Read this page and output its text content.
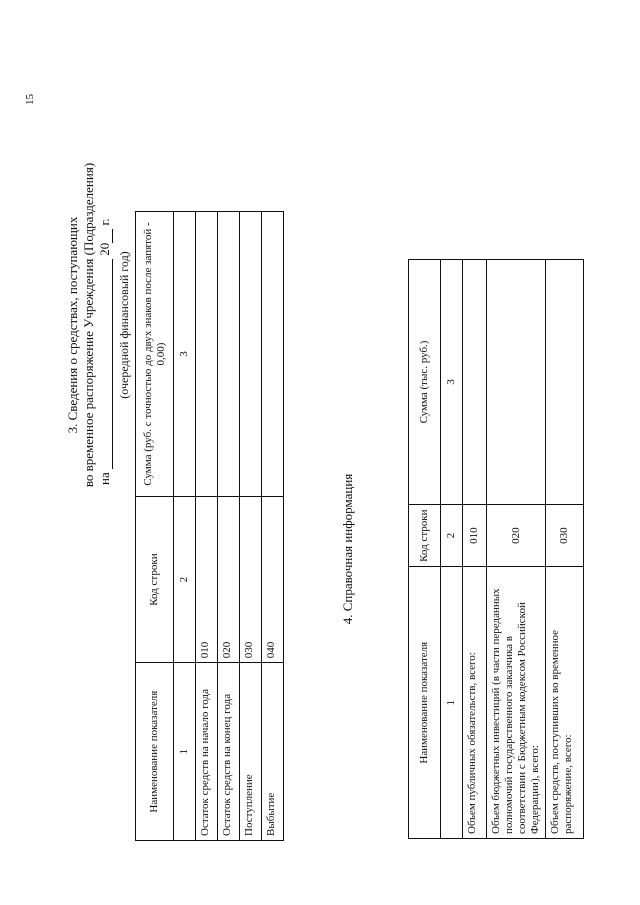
15
3. Сведения о средствах, поступающих во временное распоряжение Учреждения (Подразделения) на  20 г.
(очередной финансовый год)
Наименование показателя	Код строки	Сумма (руб. с точностью до двух знаков после запятой - 0,00)
1	2	3
Остаток средств на начало года	010	
Остаток средств на конец года	020	
Поступление	030	
Выбытие	040	
4. Справочная информация
Наименование показателя	Код строки	Сумма (тыс. руб.)
1	2	3
Объем публичных обязательств, всего:	010	
Объем бюджетных инвестиций (в части переданных полномочий государственного заказчика в соответствии с Бюджетным кодексом Российской Федерации), всего:	020	
Объем средств, поступивших во временное распоряжение, всего:	030	
